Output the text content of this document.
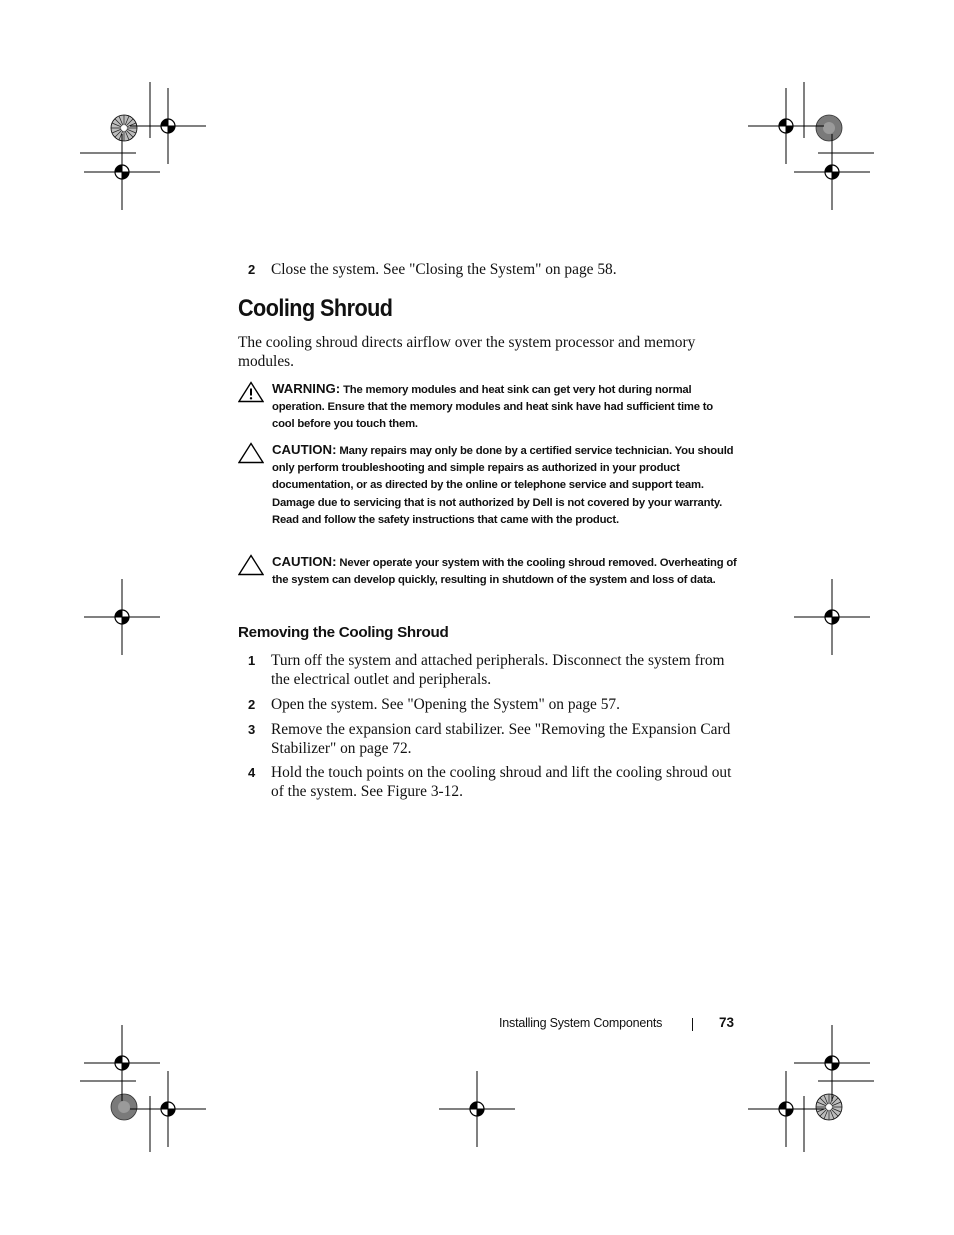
2	Close the system. See "Closing the System" on page 58.
Cooling Shroud

The cooling shroud directs airflow over the system processor and memory modules.

WARNING: The memory modules and heat sink can get very hot during normal operation. Ensure that the memory modules and heat sink have had sufficient time to cool before you touch them.
CAUTION: Many repairs may only be done by a certified service technician. You should only perform troubleshooting and simple repairs as authorized in your product documentation, or as directed by the online or telephone service and support team. Damage due to servicing that is not authorized by Dell is not covered by your warranty. Read and follow the safety instructions that came with the product.
CAUTION: Never operate your system with the cooling shroud removed. Overheating of the system can develop quickly, resulting in shutdown of the system and loss of data.
Removing the Cooling Shroud
1	Turn off the system and attached peripherals. Disconnect the system from the electrical outlet and peripherals.
2	Open the system. See "Opening the System" on page 57.
3	Remove the expansion card stabilizer. See "Removing the Expansion Card Stabilizer" on page 72.
4	Hold the touch points on the cooling shroud and lift the cooling shroud out of the system. See Figure 3-12.
Installing System Components	73
